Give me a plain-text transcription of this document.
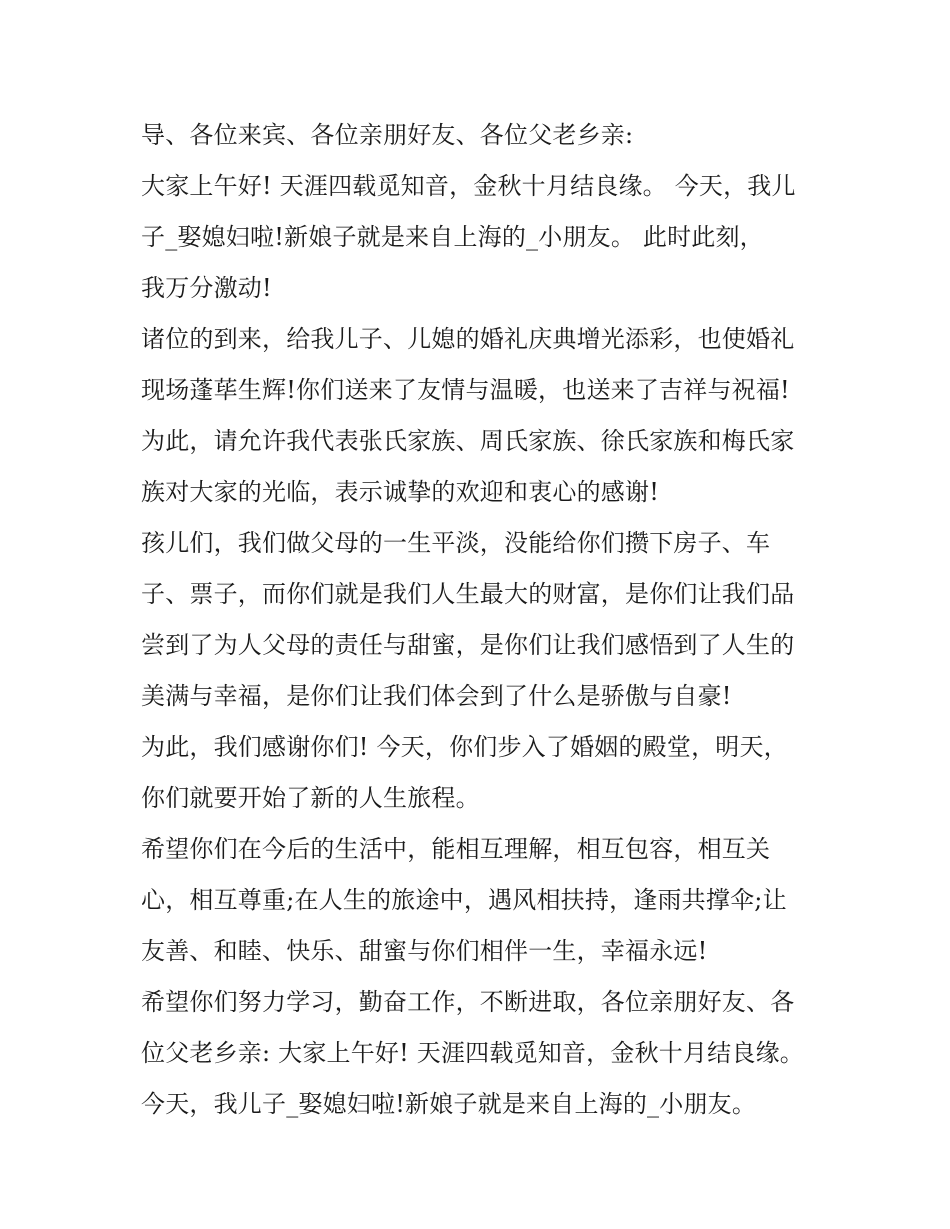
导、各位来宾、各位亲朋好友、各位父老乡亲:
大家上午好! 天涯四载觅知音，金秋十月结良缘。 今天，我儿
子_娶媳妇啦!新娘子就是来自上海的_小朋友。 此时此刻，
我万分激动!
诸位的到来，给我儿子、儿媳的婚礼庆典增光添彩，也使婚礼
现场蓬荜生辉!你们送来了友情与温暖，也送来了吉祥与祝福!
为此，请允许我代表张氏家族、周氏家族、徐氏家族和梅氏家
族对大家的光临，表示诚挚的欢迎和衷心的感谢!
孩儿们，我们做父母的一生平淡，没能给你们攒下房子、车
子、票子，而你们就是我们人生最大的财富，是你们让我们品
尝到了为人父母的责任与甜蜜，是你们让我们感悟到了人生的
美满与幸福，是你们让我们体会到了什么是骄傲与自豪!
为此，我们感谢你们! 今天，你们步入了婚姻的殿堂，明天，
你们就要开始了新的人生旅程。
希望你们在今后的生活中，能相互理解，相互包容，相互关
心，相互尊重;在人生的旅途中，遇风相扶持，逢雨共撑伞;让
友善、和睦、快乐、甜蜜与你们相伴一生，幸福永远!
希望你们努力学习，勤奋工作，不断进取，各位亲朋好友、各
位父老乡亲: 大家上午好! 天涯四载觅知音，金秋十月结良缘。
今天，我儿子_娶媳妇啦!新娘子就是来自上海的_小朋友。
